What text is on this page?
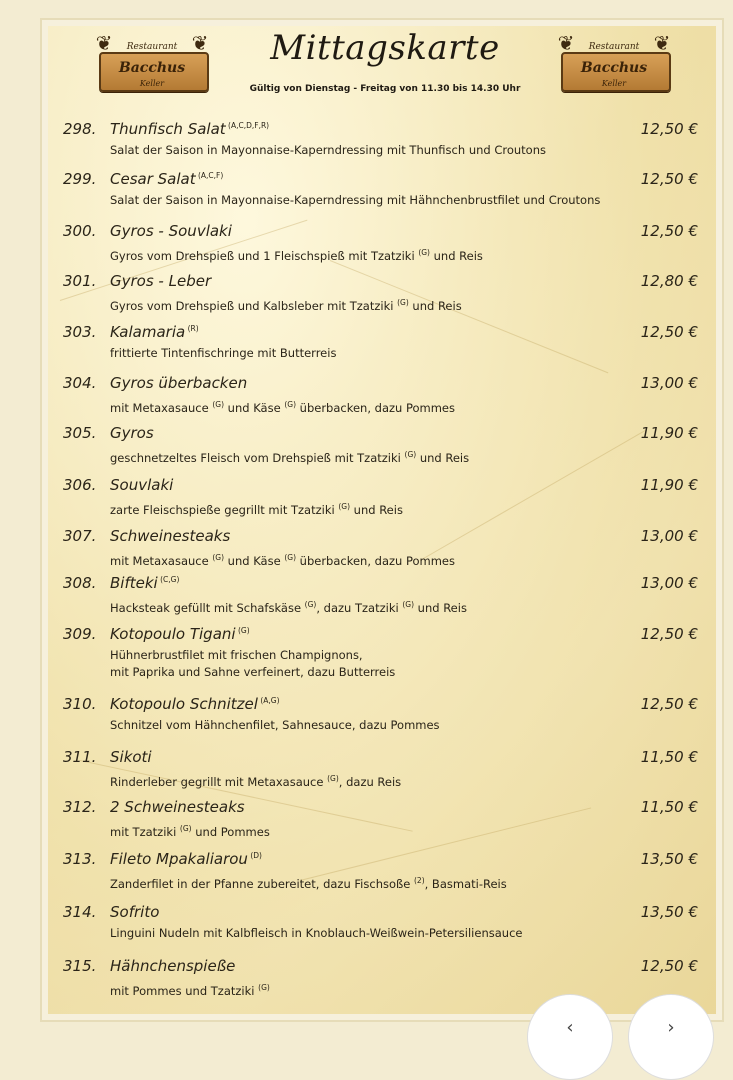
❦	❦
Restaurant
Bacchus
Keller
❦	❦
Restaurant
Bacchus
Keller
Mittagskarte
Gültig von Dienstag - Freitag von 11.30 bis 14.30 Uhr
298. Thunfisch Salat $^{(A,C,D,F,R)}$	12,50 €
Salat der Saison in Mayonnaise-Kaperndressing mit Thunfisch und Croutons
299. Cesar Salat $^{(A,C,F)}$	12,50 €
Salat der Saison in Mayonnaise-Kaperndressing mit Hähnchenbrustfilet und Croutons
300. Gyros - Souvlaki	12,50 €
Gyros vom Drehspieß und 1 Fleischspieß mit Tzatziki $^{(G)}$ und Reis
301. Gyros - Leber	12,80 €
Gyros vom Drehspieß und Kalbsleber mit Tzatziki $^{(G)}$ und Reis
303. Kalamaria $^{(R)}$	12,50 €
frittierte Tintenfischringe mit Butterreis
304. Gyros überbacken	13,00 €
mit Metaxasauce $^{(G)}$ und Käse $^{(G)}$ überbacken, dazu Pommes
305. Gyros	11,90 €
geschnetzeltes Fleisch vom Drehspieß mit Tzatziki $^{(G)}$ und Reis
306. Souvlaki	11,90 €
zarte Fleischspieße gegrillt mit Tzatziki $^{(G)}$ und Reis
307. Schweinesteaks	13,00 €
mit Metaxasauce $^{(G)}$ und Käse $^{(G)}$ überbacken, dazu Pommes
308. Bifteki $^{(C,G)}$	13,00 €
Hacksteak gefüllt mit Schafskäse $^{(G)}$, dazu Tzatziki $^{(G)}$ und Reis
309. Kotopoulo Tigani $^{(G)}$	12,50 €
Hühnerbrustfilet mit frischen Champignons,
mit Paprika und Sahne verfeinert, dazu Butterreis
310. Kotopoulo Schnitzel $^{(A,G)}$	12,50 €
Schnitzel vom Hähnchenfilet, Sahnesauce, dazu Pommes
311. Sikoti	11,50 €
Rinderleber gegrillt mit Metaxasauce $^{(G)}$, dazu Reis
312. 2 Schweinesteaks	11,50 €
mit Tzatziki $^{(G)}$ und Pommes
313. Fileto Mpakaliarou $^{(D)}$	13,50 €
Zanderfilet in der Pfanne zubereitet, dazu Fischsoße $^{(2)}$, Basmati-Reis
314. Sofrito	13,50 €
Linguini Nudeln mit Kalbfleisch in Knoblauch-Weißwein-Petersiliensauce
315. Hähnchenspieße	12,50 €
mit Pommes und Tzatziki $^{(G)}$
‹	›
